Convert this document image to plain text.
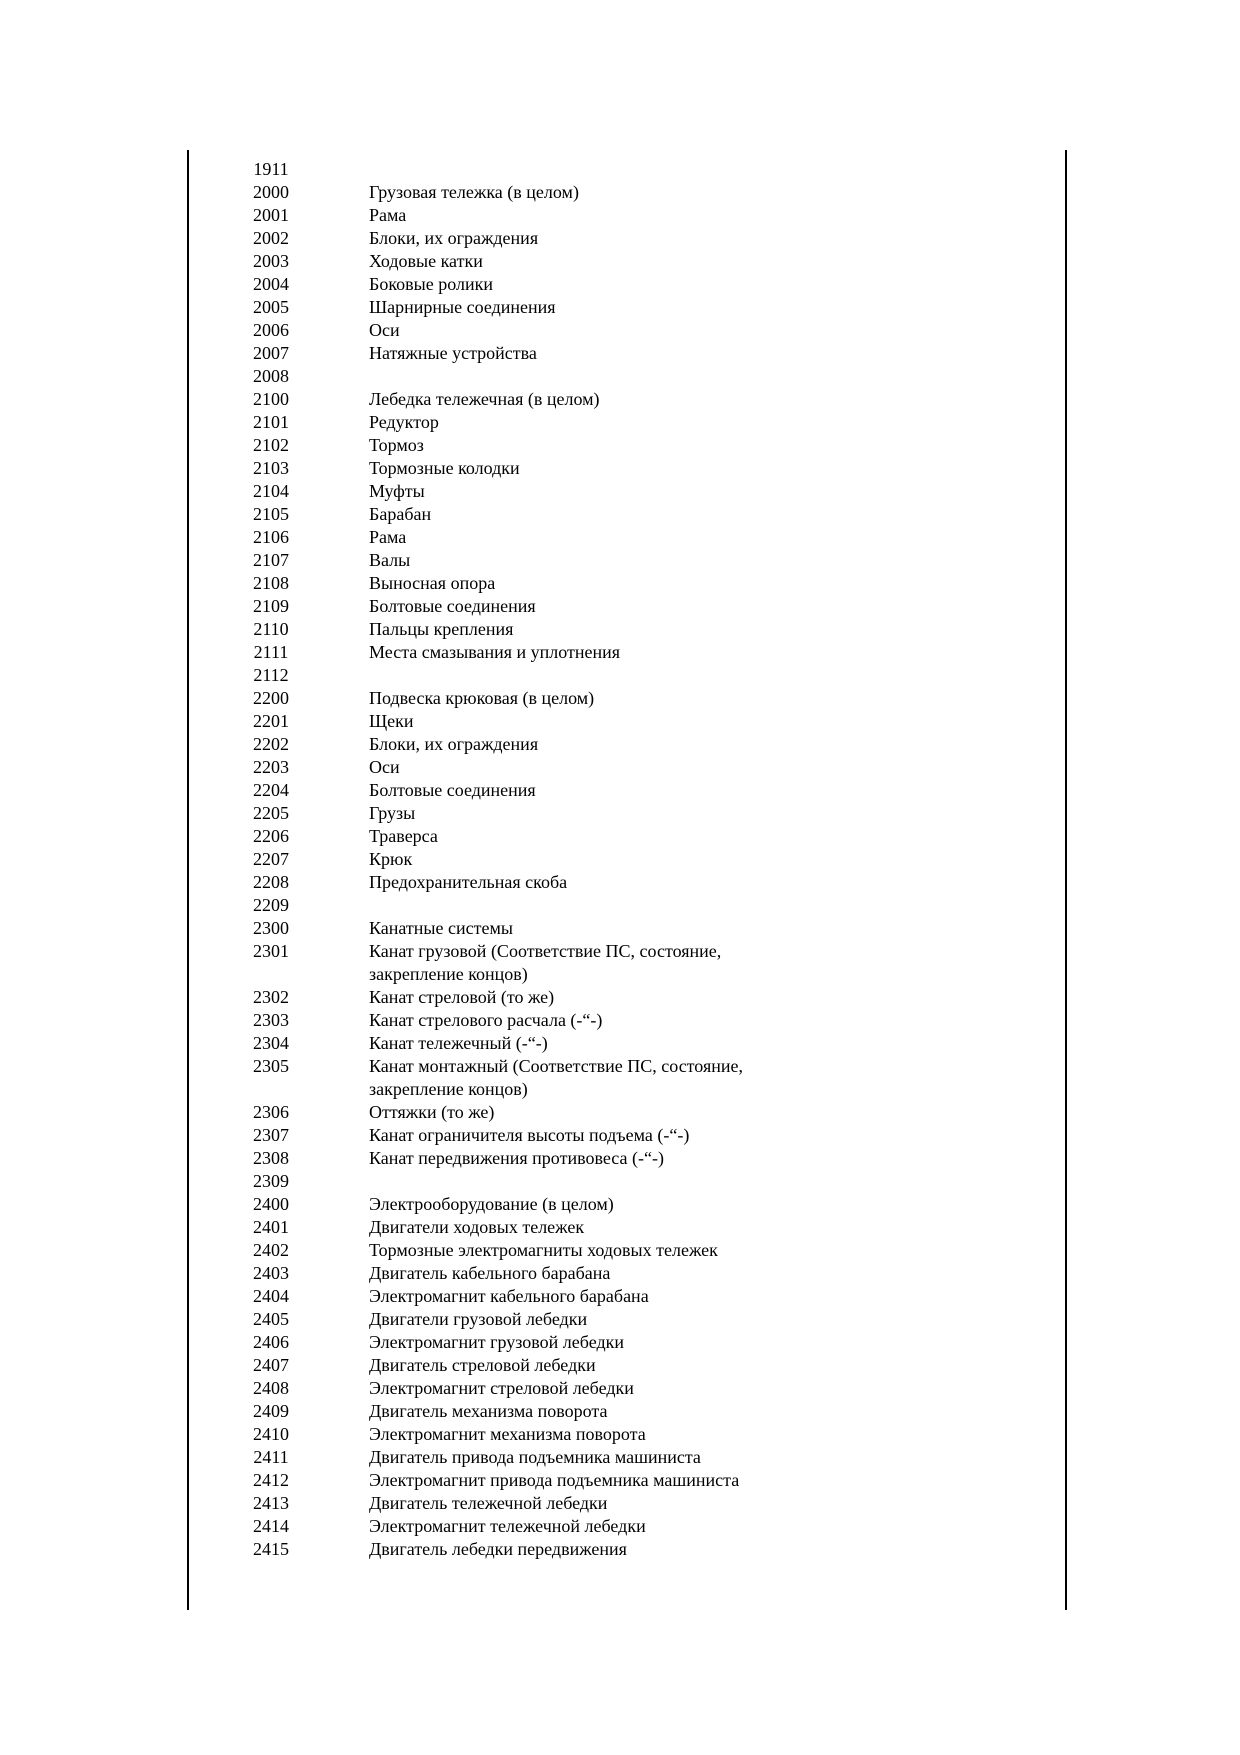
1911
2000	Грузовая тележка (в целом)
2001	Рама
2002	Блоки, их ограждения
2003	Ходовые катки
2004	Боковые ролики
2005	Шарнирные соединения
2006	Оси
2007	Натяжные устройства
2008
2100	Лебедка тележечная (в целом)
2101	Редуктор
2102	Тормоз
2103	Тормозные колодки
2104	Муфты
2105	Барабан
2106	Рама
2107	Валы
2108	Выносная опора
2109	Болтовые соединения
2110	Пальцы крепления
2111	Места смазывания и уплотнения
2112
2200	Подвеска крюковая (в целом)
2201	Щеки
2202	Блоки, их ограждения
2203	Оси
2204	Болтовые соединения
2205	Грузы
2206	Траверса
2207	Крюк
2208	Предохранительная скоба
2209
2300	Канатные системы
2301	Канат грузовой (Соответствие ПС, состояние, закрепление концов)
2302	Канат стреловой (то же)
2303	Канат стрелового расчала (-“-)
2304	Канат тележечный (-“-)
2305	Канат монтажный (Соответствие ПС, состояние, закрепление концов)
2306	Оттяжки (то же)
2307	Канат ограничителя высоты подъема (-“-)
2308	Канат передвижения противовеса (-“-)
2309
2400	Электрооборудование (в целом)
2401	Двигатели ходовых тележек
2402	Тормозные электромагниты ходовых тележек
2403	Двигатель кабельного барабана
2404	Электромагнит кабельного барабана
2405	Двигатели грузовой лебедки
2406	Электромагнит грузовой лебедки
2407	Двигатель стреловой лебедки
2408	Электромагнит стреловой лебедки
2409	Двигатель механизма поворота
2410	Электромагнит механизма поворота
2411	Двигатель привода подъемника машиниста
2412	Электромагнит привода подъемника машиниста
2413	Двигатель тележечной лебедки
2414	Электромагнит тележечной лебедки
2415	Двигатель лебедки передвижения
